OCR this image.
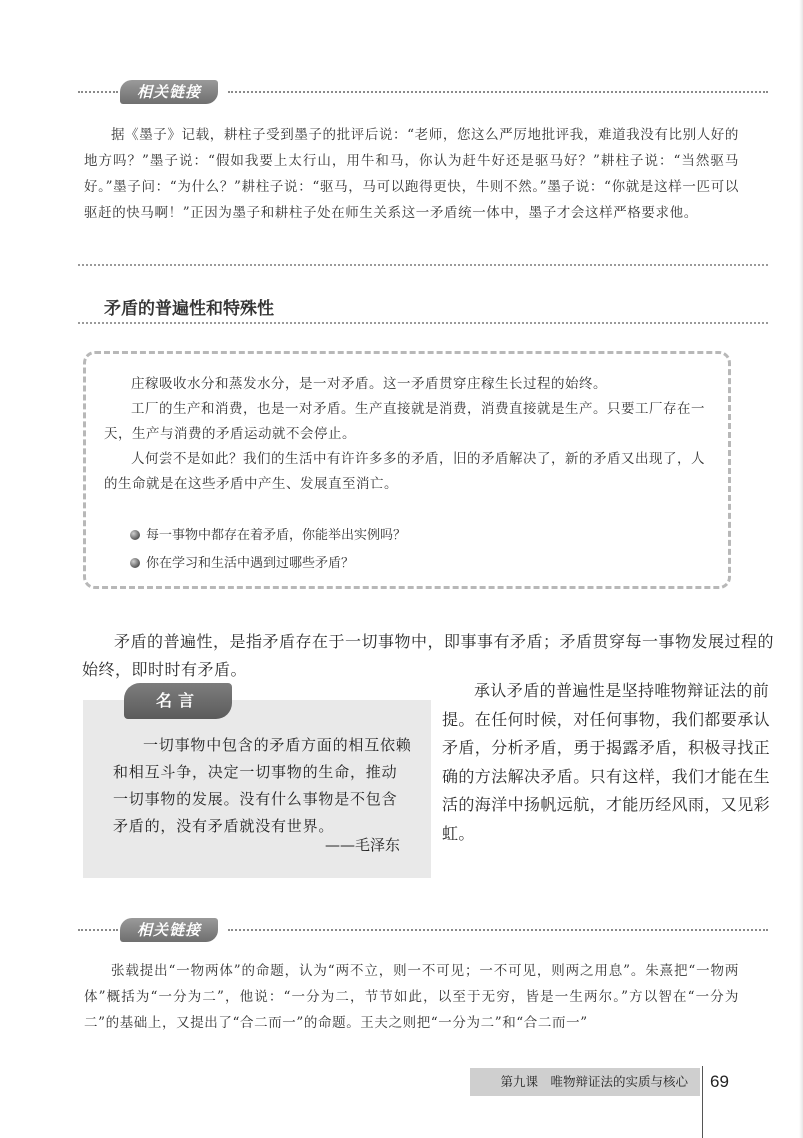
相关链接

据《墨子》记载，耕柱子受到墨子的批评后说：“老师，您这么严厉地批评我，难道我没有比别人好的地方吗？”墨子说：“假如我要上太行山，用牛和马，你认为赶牛好还是驱马好？”耕柱子说：“当然驱马好。”墨子问：“为什么？”耕柱子说：“驱马，马可以跑得更快，牛则不然。”墨子说：“你就是这样一匹可以驱赶的快马啊！”正因为墨子和耕柱子处在师生关系这一矛盾统一体中，墨子才会这样严格要求他。

矛盾的普遍性和特殊性

庄稼吸收水分和蒸发水分，是一对矛盾。这一矛盾贯穿庄稼生长过程的始终。

工厂的生产和消费，也是一对矛盾。生产直接就是消费，消费直接就是生产。只要工厂存在一天，生产与消费的矛盾运动就不会停止。

人何尝不是如此？我们的生活中有许许多多的矛盾，旧的矛盾解决了，新的矛盾又出现了，人的生命就是在这些矛盾中产生、发展直至消亡。

每一事物中都存在着矛盾，你能举出实例吗？
你在学习和生活中遇到过哪些矛盾？

矛盾的普遍性，是指矛盾存在于一切事物中，即事事有矛盾；矛盾贯穿每一事物发展过程的始终，即时时有矛盾。

名言

一切事物中包含的矛盾方面的相互依赖和相互斗争，决定一切事物的生命，推动一切事物的发展。没有什么事物是不包含矛盾的，没有矛盾就没有世界。

——毛泽东

承认矛盾的普遍性是坚持唯物辩证法的前提。在任何时候，对任何事物，我们都要承认矛盾，分析矛盾，勇于揭露矛盾，积极寻找正确的方法解决矛盾。只有这样，我们才能在生活的海洋中扬帆远航，才能历经风雨，又见彩虹。

相关链接

张载提出“一物两体”的命题，认为“两不立，则一不可见；一不可见，则两之用息”。朱熹把“一物两体”概括为“一分为二”，他说：“一分为二，节节如此，以至于无穷，皆是一生两尔。”方以智在“一分为二”的基础上，又提出了“合二而一”的命题。王夫之则把“一分为二”和“合二而一”

第九课　唯物辩证法的实质与核心	69
